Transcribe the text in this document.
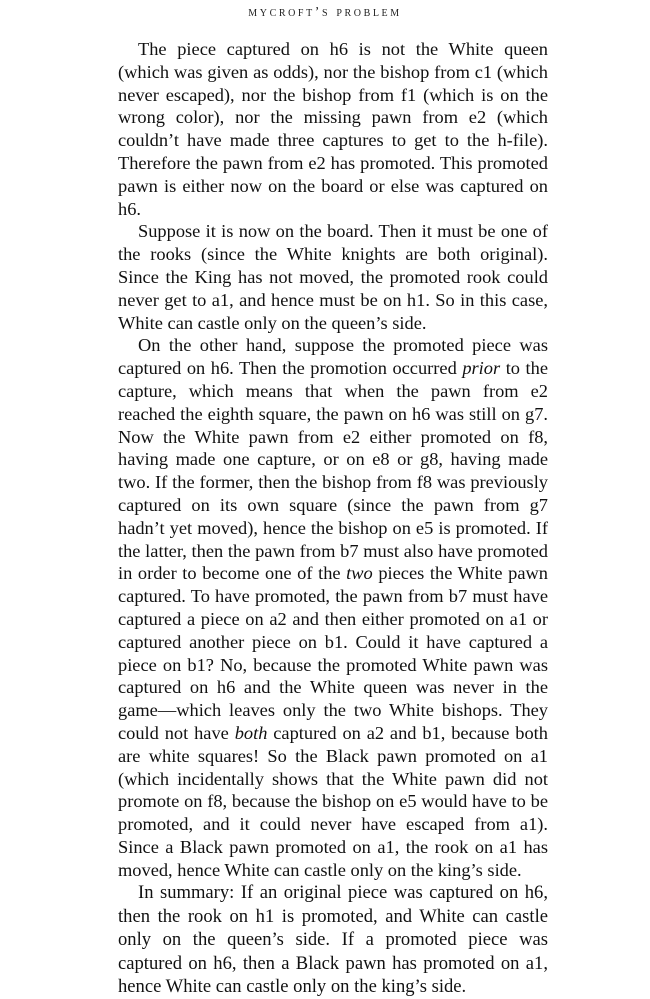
mycroft’s problem

The piece captured on h6 is not the White queen (which was given as odds), nor the bishop from c1 (which never escaped), nor the bishop from f1 (which is on the wrong color), nor the missing pawn from e2 (which couldn’t have made three captures to get to the h-file). Therefore the pawn from e2 has promoted. This promoted pawn is either now on the board or else was captured on h6.

Suppose it is now on the board. Then it must be one of the rooks (since the White knights are both original). Since the King has not moved, the promoted rook could never get to a1, and hence must be on h1. So in this case, White can castle only on the queen’s side.

On the other hand, suppose the promoted piece was captured on h6. Then the promotion occurred prior to the capture, which means that when the pawn from e2 reached the eighth square, the pawn on h6 was still on g7. Now the White pawn from e2 either promoted on f8, having made one capture, or on e8 or g8, having made two. If the former, then the bishop from f8 was previously captured on its own square (since the pawn from g7 hadn’t yet moved), hence the bishop on e5 is promoted. If the latter, then the pawn from b7 must also have promoted in order to become one of the two pieces the White pawn captured. To have promoted, the pawn from b7 must have captured a piece on a2 and then either promoted on a1 or captured another piece on b1. Could it have captured a piece on b1? No, because the promoted White pawn was captured on h6 and the White queen was never in the game—which leaves only the two White bishops. They could not have both captured on a2 and b1, because both are white squares! So the Black pawn promoted on a1 (which incidentally shows that the White pawn did not promote on f8, because the bishop on e5 would have to be promoted, and it could never have escaped from a1). Since a Black pawn promoted on a1, the rook on a1 has moved, hence White can castle only on the king’s side.

In summary: If an original piece was captured on h6, then the rook on h1 is promoted, and White can castle only on the queen’s side. If a promoted piece was captured on h6, then a Black pawn has promoted on a1, hence White can castle only on the king’s side.
